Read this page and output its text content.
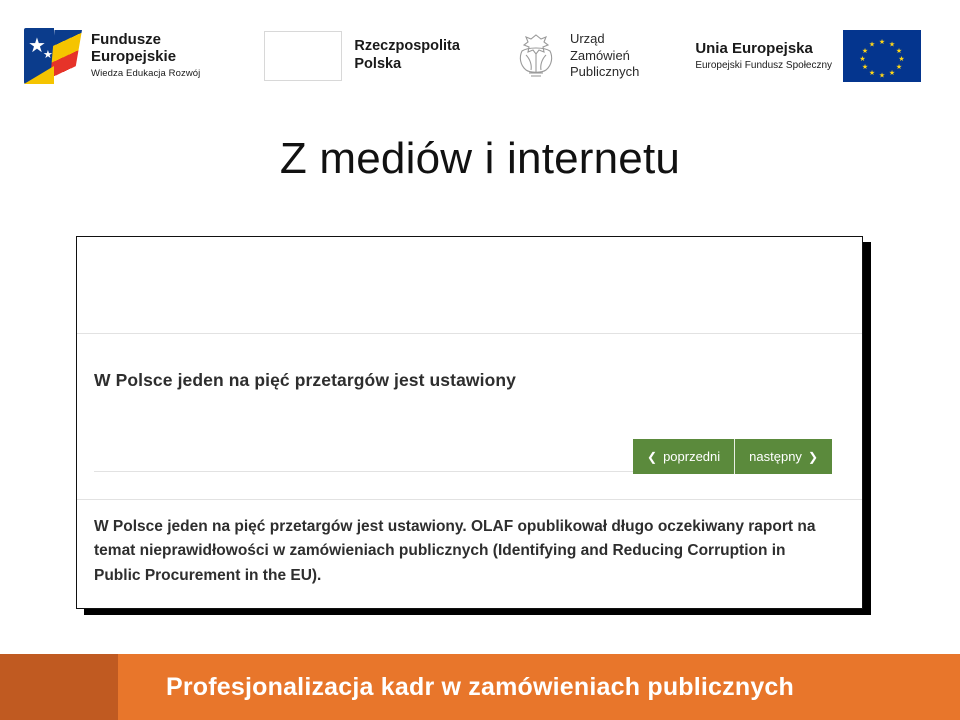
★
★
Fundusze
Europejskie
Wiedza Edukacja Rozwój
Rzeczpospolita
Polska
Urząd
Zamówień
Publicznych
Unia Europejska
Europejski Fundusz Społeczny
★
★ ★
★	★
★	★
★	★
★ ★
★
Z mediów i internetu
W Polsce jeden na pięć przetargów jest ustawiony
❮ poprzedni następny ❯
W Polsce jeden na pięć przetargów jest ustawiony. OLAF opublikował długo oczekiwany raport na temat nieprawidłowości w zamówieniach publicznych (Identifying and Reducing Corruption in Public Procurement in the EU).
Profesjonalizacja kadr w zamówieniach publicznych
